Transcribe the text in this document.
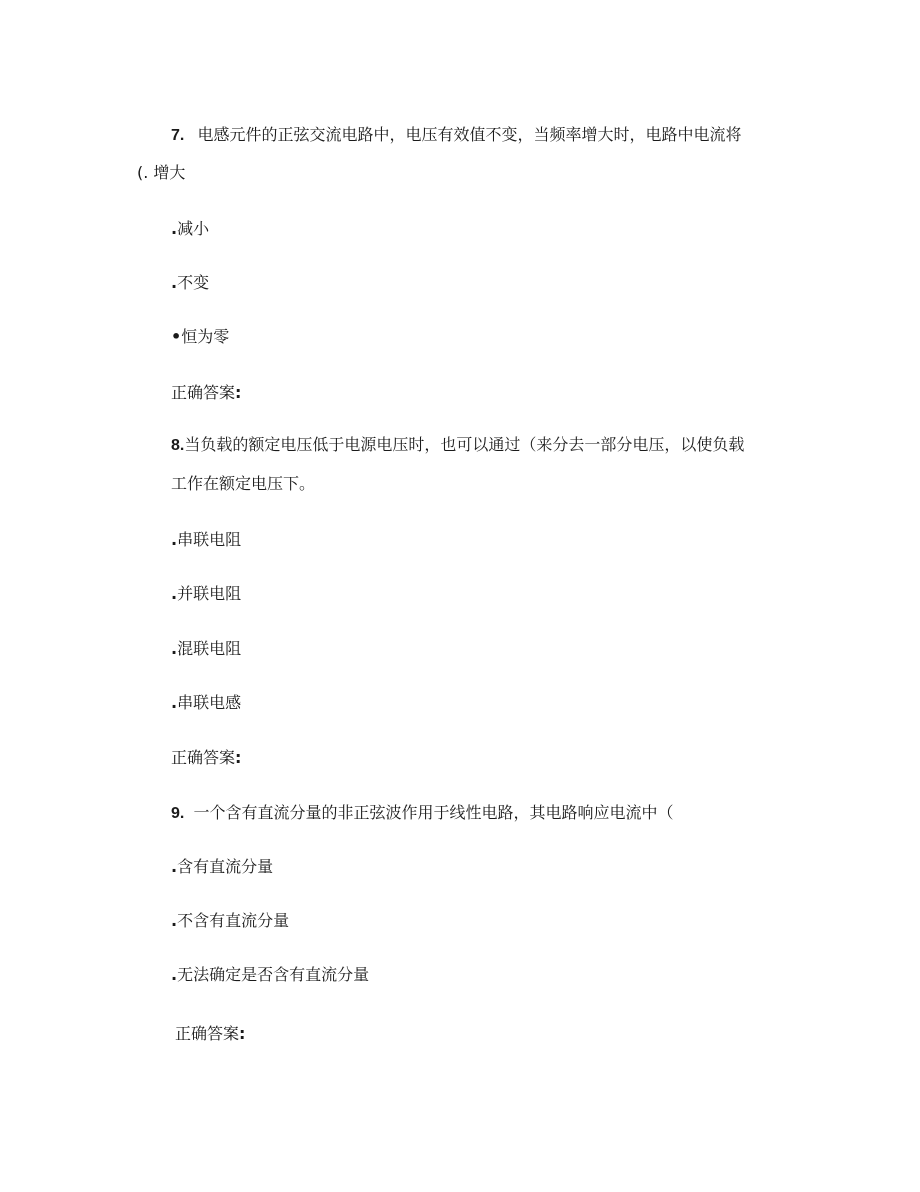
7. 电感元件的正弦交流电路中，电压有效值不变，当频率增大时，电路中电流将
(. 增大
.减小
.不变
•恒为零
正确答案:
8.当负载的额定电压低于电源电压时，也可以通过（来分去一部分电压，以使负载
工作在额定电压下。
.串联电阻
.并联电阻
.混联电阻
.串联电感
正确答案:
9. 一个含有直流分量的非正弦波作用于线性电路，其电路响应电流中（
.含有直流分量
.不含有直流分量
.无法确定是否含有直流分量
正确答案:
